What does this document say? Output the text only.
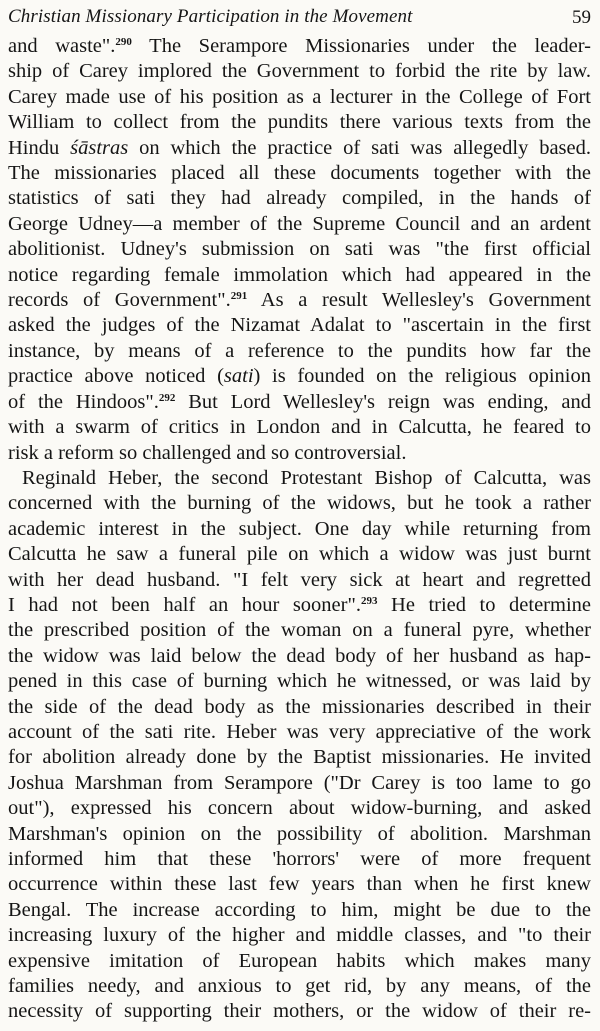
Christian Missionary Participation in the Movement	59
and waste".$^{290}$ The Serampore Missionaries under the leader-
ship of Carey implored the Government to forbid the rite by law.
Carey made use of his position as a lecturer in the College of Fort
William to collect from the pundits there various texts from the
Hindu śāstras on which the practice of sati was allegedly based.
The missionaries placed all these documents together with the
statistics of sati they had already compiled, in the hands of
George Udney—a member of the Supreme Council and an ardent
abolitionist. Udney's submission on sati was "the first official
notice regarding female immolation which had appeared in the
records of Government".$^{291}$ As a result Wellesley's Government
asked the judges of the Nizamat Adalat to "ascertain in the first
instance, by means of a reference to the pundits how far the
practice above noticed (sati) is founded on the religious opinion
of the Hindoos".$^{292}$ But Lord Wellesley's reign was ending, and
with a swarm of critics in London and in Calcutta, he feared to
risk a reform so challenged and so controversial.
Reginald Heber, the second Protestant Bishop of Calcutta, was
concerned with the burning of the widows, but he took a rather
academic interest in the subject. One day while returning from
Calcutta he saw a funeral pile on which a widow was just burnt
with her dead husband. "I felt very sick at heart and regretted
I had not been half an hour sooner".$^{293}$ He tried to determine
the prescribed position of the woman on a funeral pyre, whether
the widow was laid below the dead body of her husband as hap-
pened in this case of burning which he witnessed, or was laid by
the side of the dead body as the missionaries described in their
account of the sati rite. Heber was very appreciative of the work
for abolition already done by the Baptist missionaries. He invited
Joshua Marshman from Serampore ("Dr Carey is too lame to go
out"), expressed his concern about widow-burning, and asked
Marshman's opinion on the possibility of abolition. Marshman
informed him that these 'horrors' were of more frequent
occurrence within these last few years than when he first knew
Bengal. The increase according to him, might be due to the
increasing luxury of the higher and middle classes, and "to their
expensive imitation of European habits which makes many
families needy, and anxious to get rid, by any means, of the
necessity of supporting their mothers, or the widow of their re-
